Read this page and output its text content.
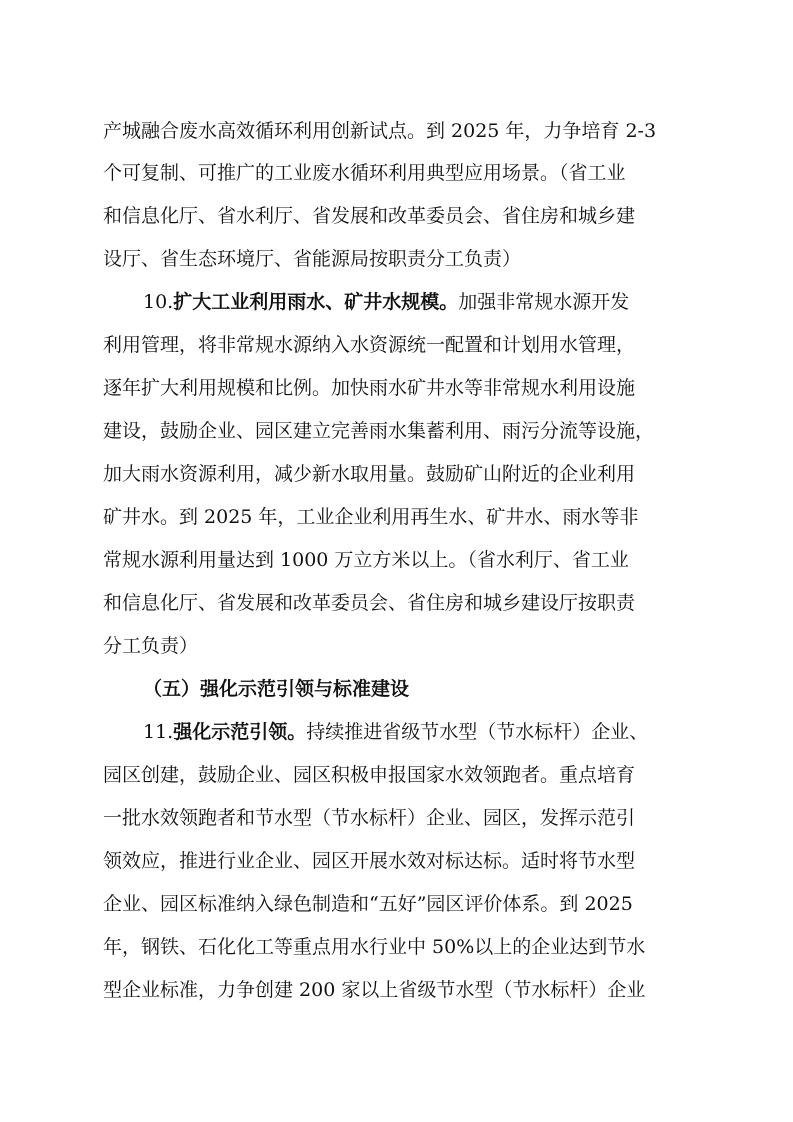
产城融合废水高效循环利用创新试点。到 2025 年，力争培育 2-3
个可复制、可推广的工业废水循环利用典型应用场景。（省工业
和信息化厅、省水利厅、省发展和改革委员会、省住房和城乡建
设厅、省生态环境厅、省能源局按职责分工负责）
10.扩大工业利用雨水、矿井水规模。加强非常规水源开发
利用管理，将非常规水源纳入水资源统一配置和计划用水管理，
逐年扩大利用规模和比例。加快雨水矿井水等非常规水利用设施
建设，鼓励企业、园区建立完善雨水集蓄利用、雨污分流等设施，
加大雨水资源利用，减少新水取用量。鼓励矿山附近的企业利用
矿井水。到 2025 年，工业企业利用再生水、矿井水、雨水等非
常规水源利用量达到 1000 万立方米以上。（省水利厅、省工业
和信息化厅、省发展和改革委员会、省住房和城乡建设厅按职责
分工负责）
（五）强化示范引领与标准建设
11.强化示范引领。持续推进省级节水型（节水标杆）企业、
园区创建，鼓励企业、园区积极申报国家水效领跑者。重点培育
一批水效领跑者和节水型（节水标杆）企业、园区，发挥示范引
领效应，推进行业企业、园区开展水效对标达标。适时将节水型
企业、园区标准纳入绿色制造和“五好”园区评价体系。到 2025
年，钢铁、石化化工等重点用水行业中 50%以上的企业达到节水
型企业标准，力争创建 200 家以上省级节水型（节水标杆）企业
